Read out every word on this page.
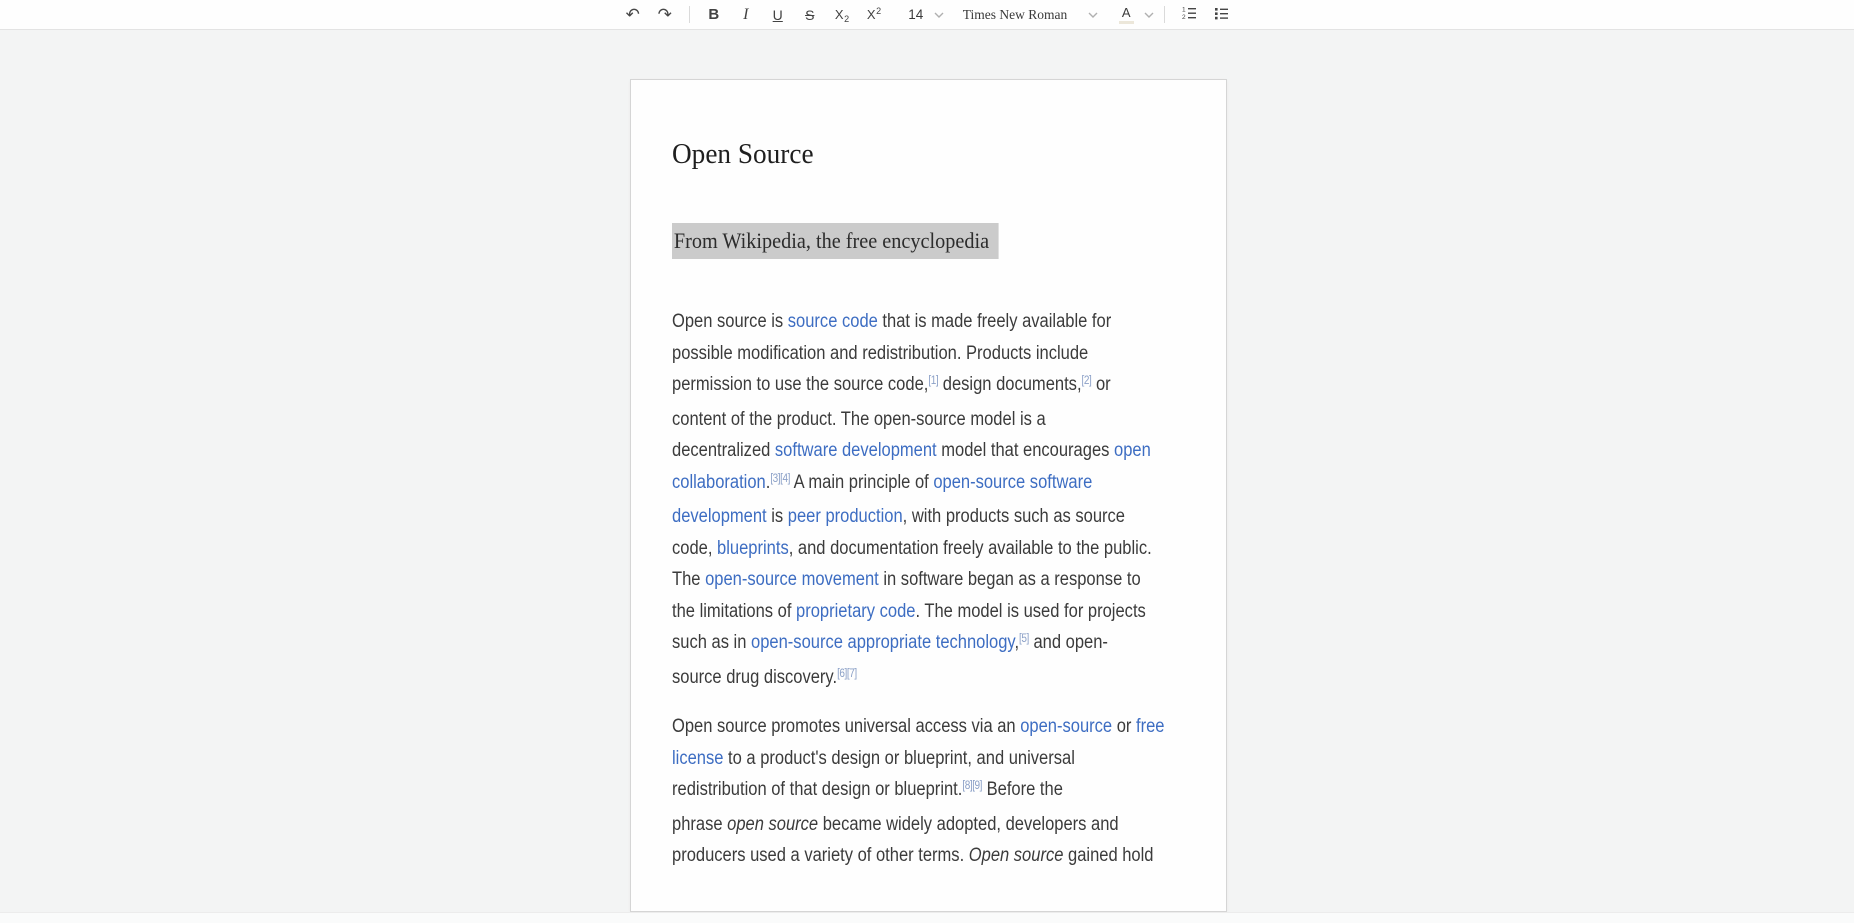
↶ ↷	B	I	U	S	X 2 X 2 14	Times New Roman	A	1
2
Open Source
From Wikipedia, the free encyclopedia
Open source is source code that is made freely available for
possible modification and redistribution. Products include
permission to use the source code,[1] design documents,[2] or
content of the product. The open-source model is a
decentralized software development model that encourages open
collaboration.[3][4] A main principle of open-source software
development is peer production, with products such as source
code, blueprints, and documentation freely available to the public.
The open-source movement in software began as a response to
the limitations of proprietary code. The model is used for projects
such as in open-source appropriate technology,[5] and open-
source drug discovery.[6][7]
Open source promotes universal access via an open-source or free
license to a product's design or blueprint, and universal
redistribution of that design or blueprint.[8][9] Before the
phrase open source became widely adopted, developers and
producers used a variety of other terms. Open source gained hold
